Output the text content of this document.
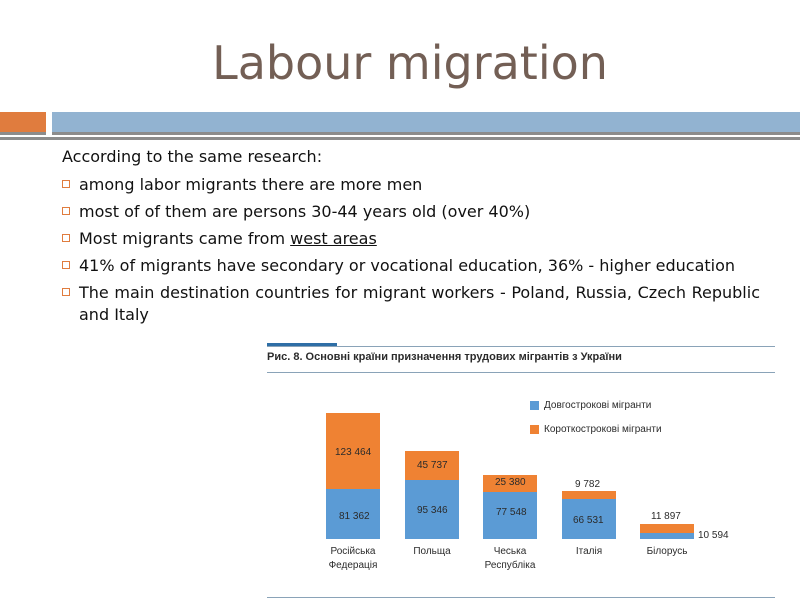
Labour migration
According to the same research:
among labor migrants there are more men
most of of them are persons 30-44 years old (over 40%)
Most migrants came from west areas
41% of migrants have secondary or vocational education, 36% - higher education
The main destination countries for migrant workers - Poland, Russia, Czech Republic and Italy
Рис. 8. Основні країни призначення трудових мігрантів з України
Довгострокові мігранти
Короткострокові мігранти
123 464
81 362
Російська
Федерація
45 737
95 346
Польща
25 380
77 548
Чеська
Республіка
9 782
66 531
Італія
11 897
10 594
Білорусь
